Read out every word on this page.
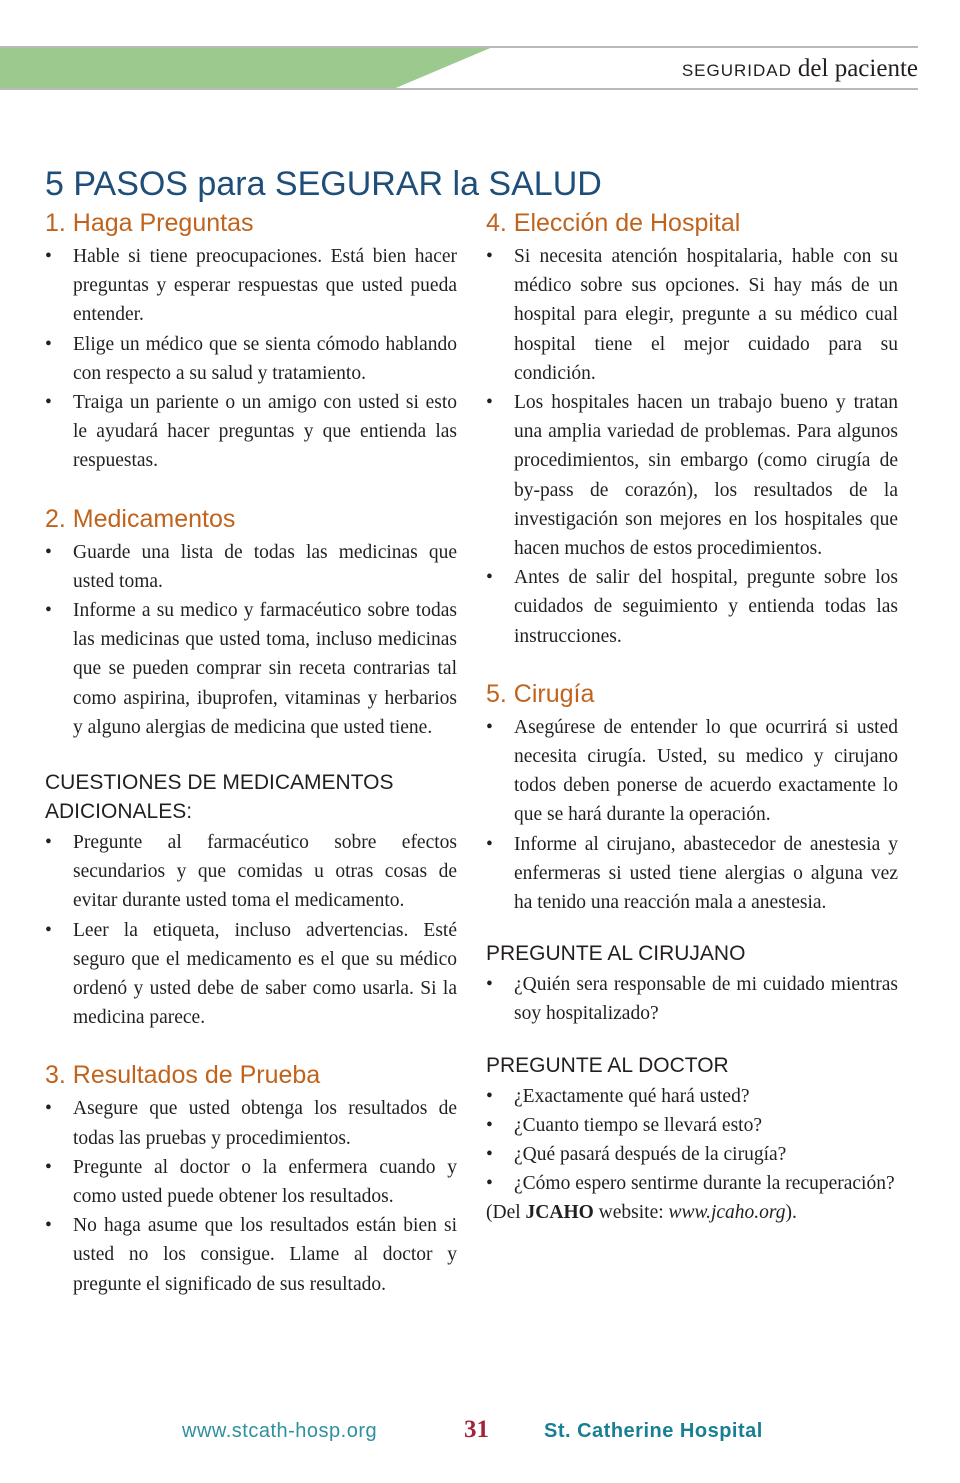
SEGURIDAD del paciente
5 PASOS para SEGURAR la SALUD
1. Haga Preguntas
• Hable si tiene preocupaciones. Está bien hacer preguntas y esperar respuestas que usted pueda entender.
• Elige un médico que se sienta cómodo hablando con respecto a su salud y tratamiento.
• Traiga un pariente o un amigo con usted si esto le ayudará hacer preguntas y que entienda las respuestas.
2. Medicamentos
• Guarde una lista de todas las medicinas que usted toma.
• Informe a su medico y farmacéutico sobre todas las medicinas que usted toma, incluso medicinas que se pueden comprar sin receta contrarias tal como aspirina, ibuprofen, vitaminas y herbarios y alguno alergias de medicina que usted tiene.
CUESTIONES DE MEDICAMENTOS
ADICIONALES:
• Pregunte al farmacéutico sobre efectos secundarios y que comidas u otras cosas de evitar durante usted toma el medicamento.
• Leer la etiqueta, incluso advertencias. Esté seguro que el medicamento es el que su médico ordenó y usted debe de saber como usarla. Si la medicina parece.
3. Resultados de Prueba
• Asegure que usted obtenga los resultados de todas las pruebas y procedimientos.
• Pregunte al doctor o la enfermera cuando y como usted puede obtener los resultados.
• No haga asume que los resultados están bien si usted no los consigue. Llame al doctor y pregunte el significado de sus resultado.
4. Elección de Hospital
• Si necesita atención hospitalaria, hable con su médico sobre sus opciones. Si hay más de un hospital para elegir, pregunte a su médico cual hospital tiene el mejor cuidado para su condición.
• Los hospitales hacen un trabajo bueno y tratan una amplia variedad de problemas. Para algunos procedimientos, sin embargo (como cirugía de by-pass de corazón), los resultados de la investigación son mejores en los hospitales que hacen muchos de estos procedimientos.
• Antes de salir del hospital, pregunte sobre los cuidados de seguimiento y entienda todas las instrucciones.
5. Cirugía
• Asegúrese de entender lo que ocurrirá si usted necesita cirugía. Usted, su medico y cirujano todos deben ponerse de acuerdo exactamente lo que se hará durante la operación.
• Informe al cirujano, abastecedor de anestesia y enfermeras si usted tiene alergias o alguna vez ha tenido una reacción mala a anestesia.
PREGUNTE AL CIRUJANO
• ¿Quién sera responsable de mi cuidado mientras soy hospitalizado?
PREGUNTE AL DOCTOR
• ¿Exactamente qué hará usted?
• ¿Cuanto tiempo se llevará esto?
• ¿Qué pasará después de la cirugía?
• ¿Cómo espero sentirme durante la recuperación?
(Del JCAHO website: www.jcaho.org).
www.stcath-hosp.org	31	St. Catherine Hospital
